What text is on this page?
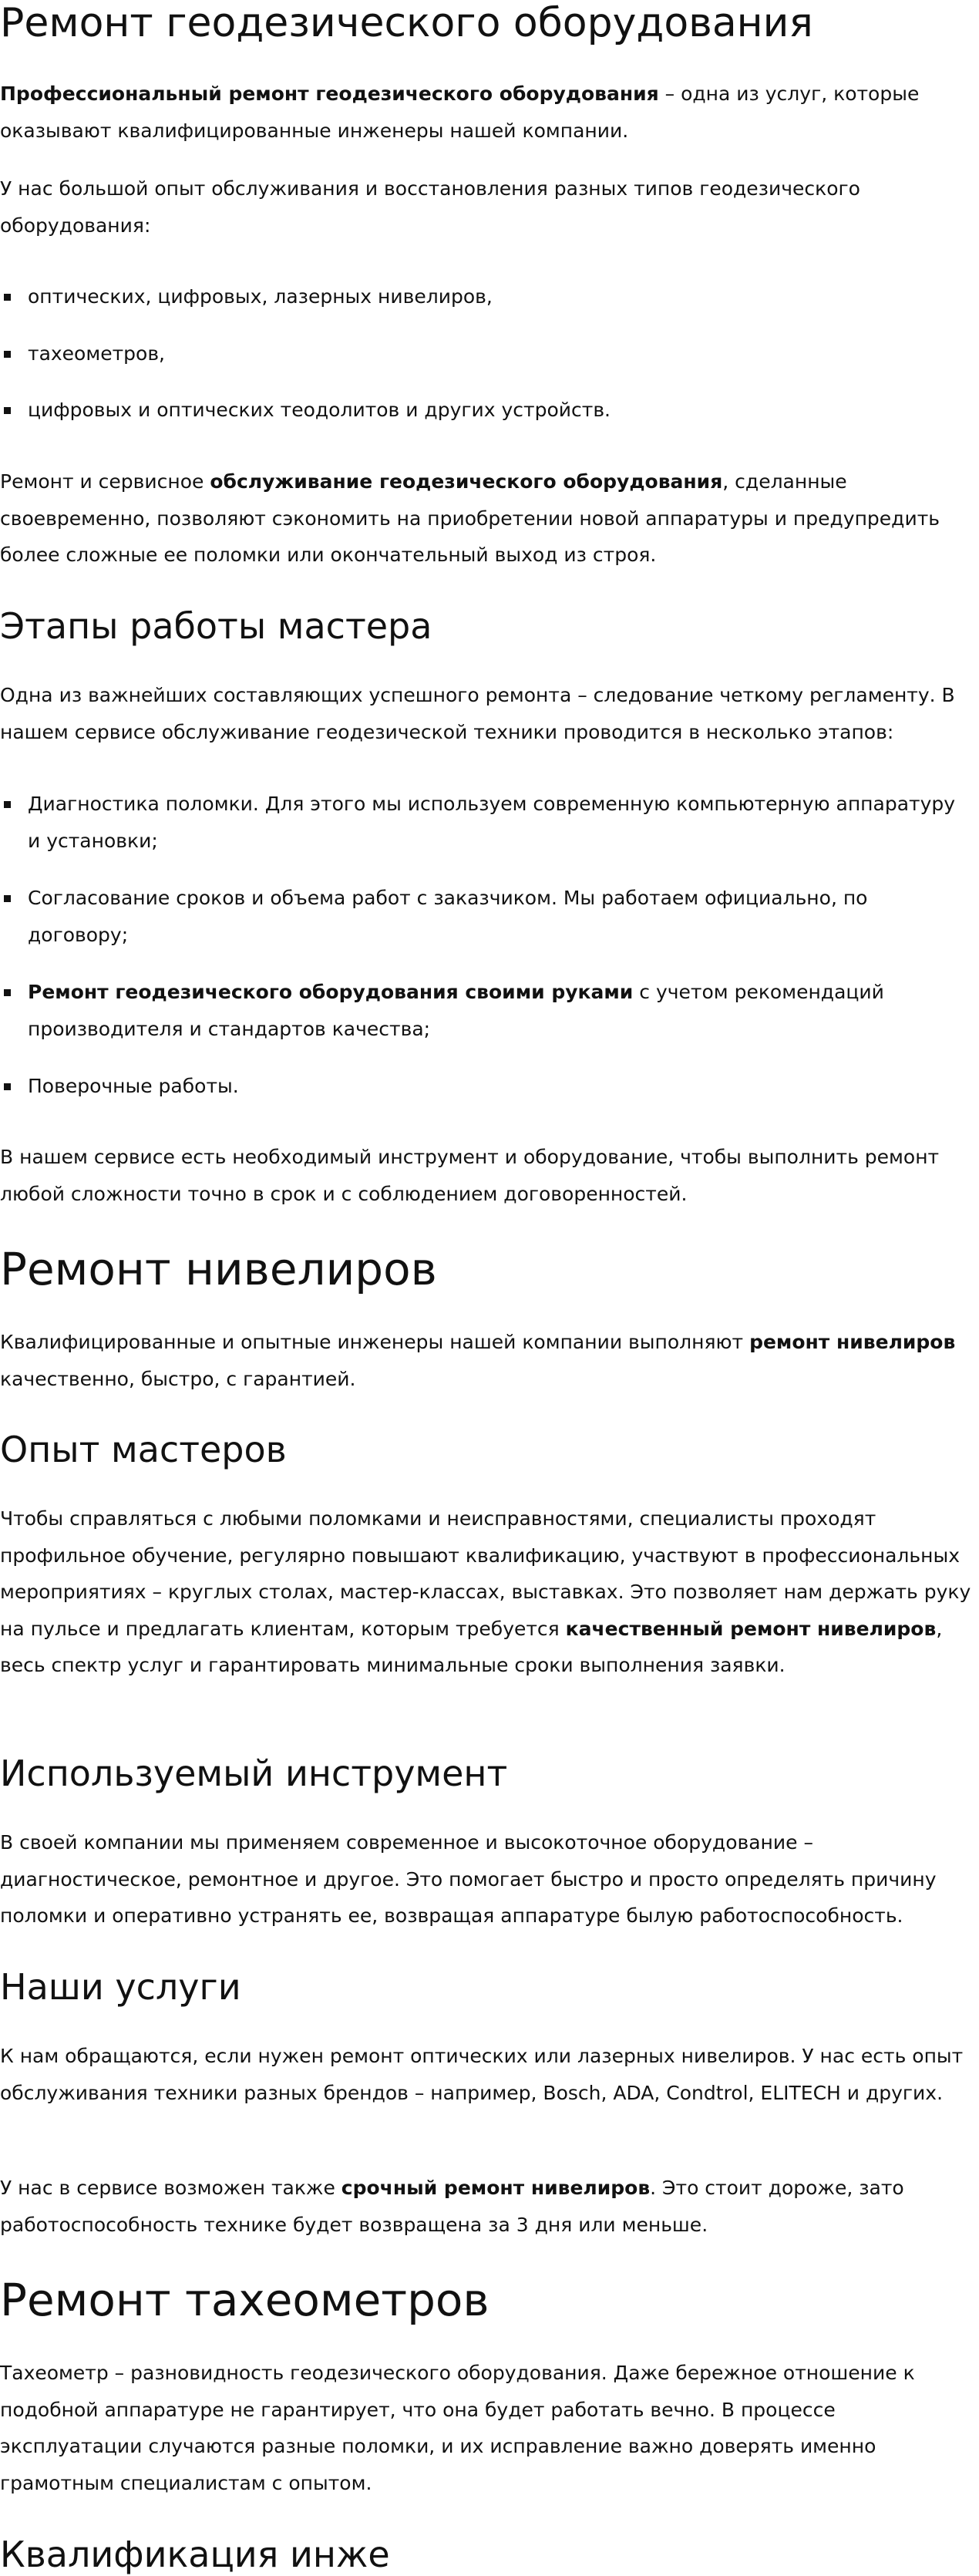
Ремонт геодезического оборудования

Профессиональный ремонт геодезического оборудования – одна из услуг, которые оказывают квалифицированные инженеры нашей компании.

У нас большой опыт обслуживания и восстановления разных типов геодезического оборудования:

оптических, цифровых, лазерных нивелиров,
тахеометров,
цифровых и оптических теодолитов и других устройств.

Ремонт и сервисное обслуживание геодезического оборудования, сделанные своевременно, позволяют сэкономить на приобретении новой аппаратуры и предупредить более сложные ее поломки или окончательный выход из строя.

Этапы работы мастера

Одна из важнейших составляющих успешного ремонта – следование четкому регламенту. В нашем сервисе обслуживание геодезической техники проводится в несколько этапов:

Диагностика поломки. Для этого мы используем современную компьютерную аппаратуру и установки;
Согласование сроков и объема работ с заказчиком. Мы работаем официально, по договору;
Ремонт геодезического оборудования своими руками с учетом рекомендаций производителя и стандартов качества;
Поверочные работы.

В нашем сервисе есть необходимый инструмент и оборудование, чтобы выполнить ремонт любой сложности точно в срок и с соблюдением договоренностей.

Ремонт нивелиров

Квалифицированные и опытные инженеры нашей компании выполняют ремонт нивелиров качественно, быстро, с гарантией.

Опыт мастеров

Чтобы справляться с любыми поломками и неисправностями, специалисты проходят профильное обучение, регулярно повышают квалификацию, участвуют в профессиональных мероприятиях – круглых столах, мастер-классах, выставках. Это позволяет нам держать руку на пульсе и предлагать клиентам, которым требуется качественный ремонт нивелиров, весь спектр услуг и гарантировать минимальные сроки выполнения заявки.

Используемый инструмент

В своей компании мы применяем современное и высокоточное оборудование – диагностическое, ремонтное и другое. Это помогает быстро и просто определять причину поломки и оперативно устранять ее, возвращая аппаратуре былую работоспособность.

Наши услуги

К нам обращаются, если нужен ремонт оптических или лазерных нивелиров. У нас есть опыт обслуживания техники разных брендов – например, Bosch, ADA, Condtrol, ELITECH и других.

У нас в сервисе возможен также срочный ремонт нивелиров. Это стоит дороже, зато работоспособность технике будет возвращена за 3 дня или меньше.

Ремонт тахеометров

Тахеометр – разновидность геодезического оборудования. Даже бережное отношение к подобной аппаратуре не гарантирует, что она будет работать вечно. В процессе эксплуатации случаются разные поломки, и их исправление важно доверять именно грамотным специалистам с опытом.

Квалификация инже
